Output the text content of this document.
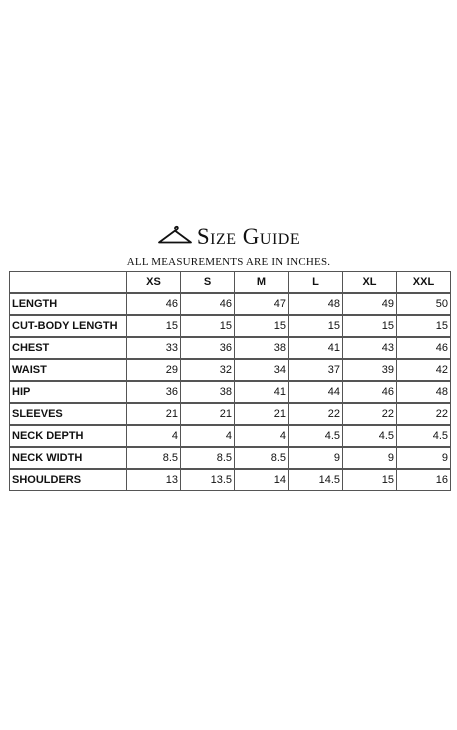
Size Guide
ALL MEASUREMENTS ARE IN INCHES.
	XS	S	M	L	XL	XXL

LENGTH	46	46	47	48	49	50

CUT-BODY LENGTH	15	15	15	15	15	15

CHEST	33	36	38	41	43	46

WAIST	29	32	34	37	39	42

HIP	36	38	41	44	46	48

SLEEVES	21	21	21	22	22	22

NECK DEPTH	4	4	4	4.5	4.5	4.5

NECK WIDTH	8.5	8.5	8.5	9	9	9

SHOULDERS	13	13.5	14	14.5	15	16
